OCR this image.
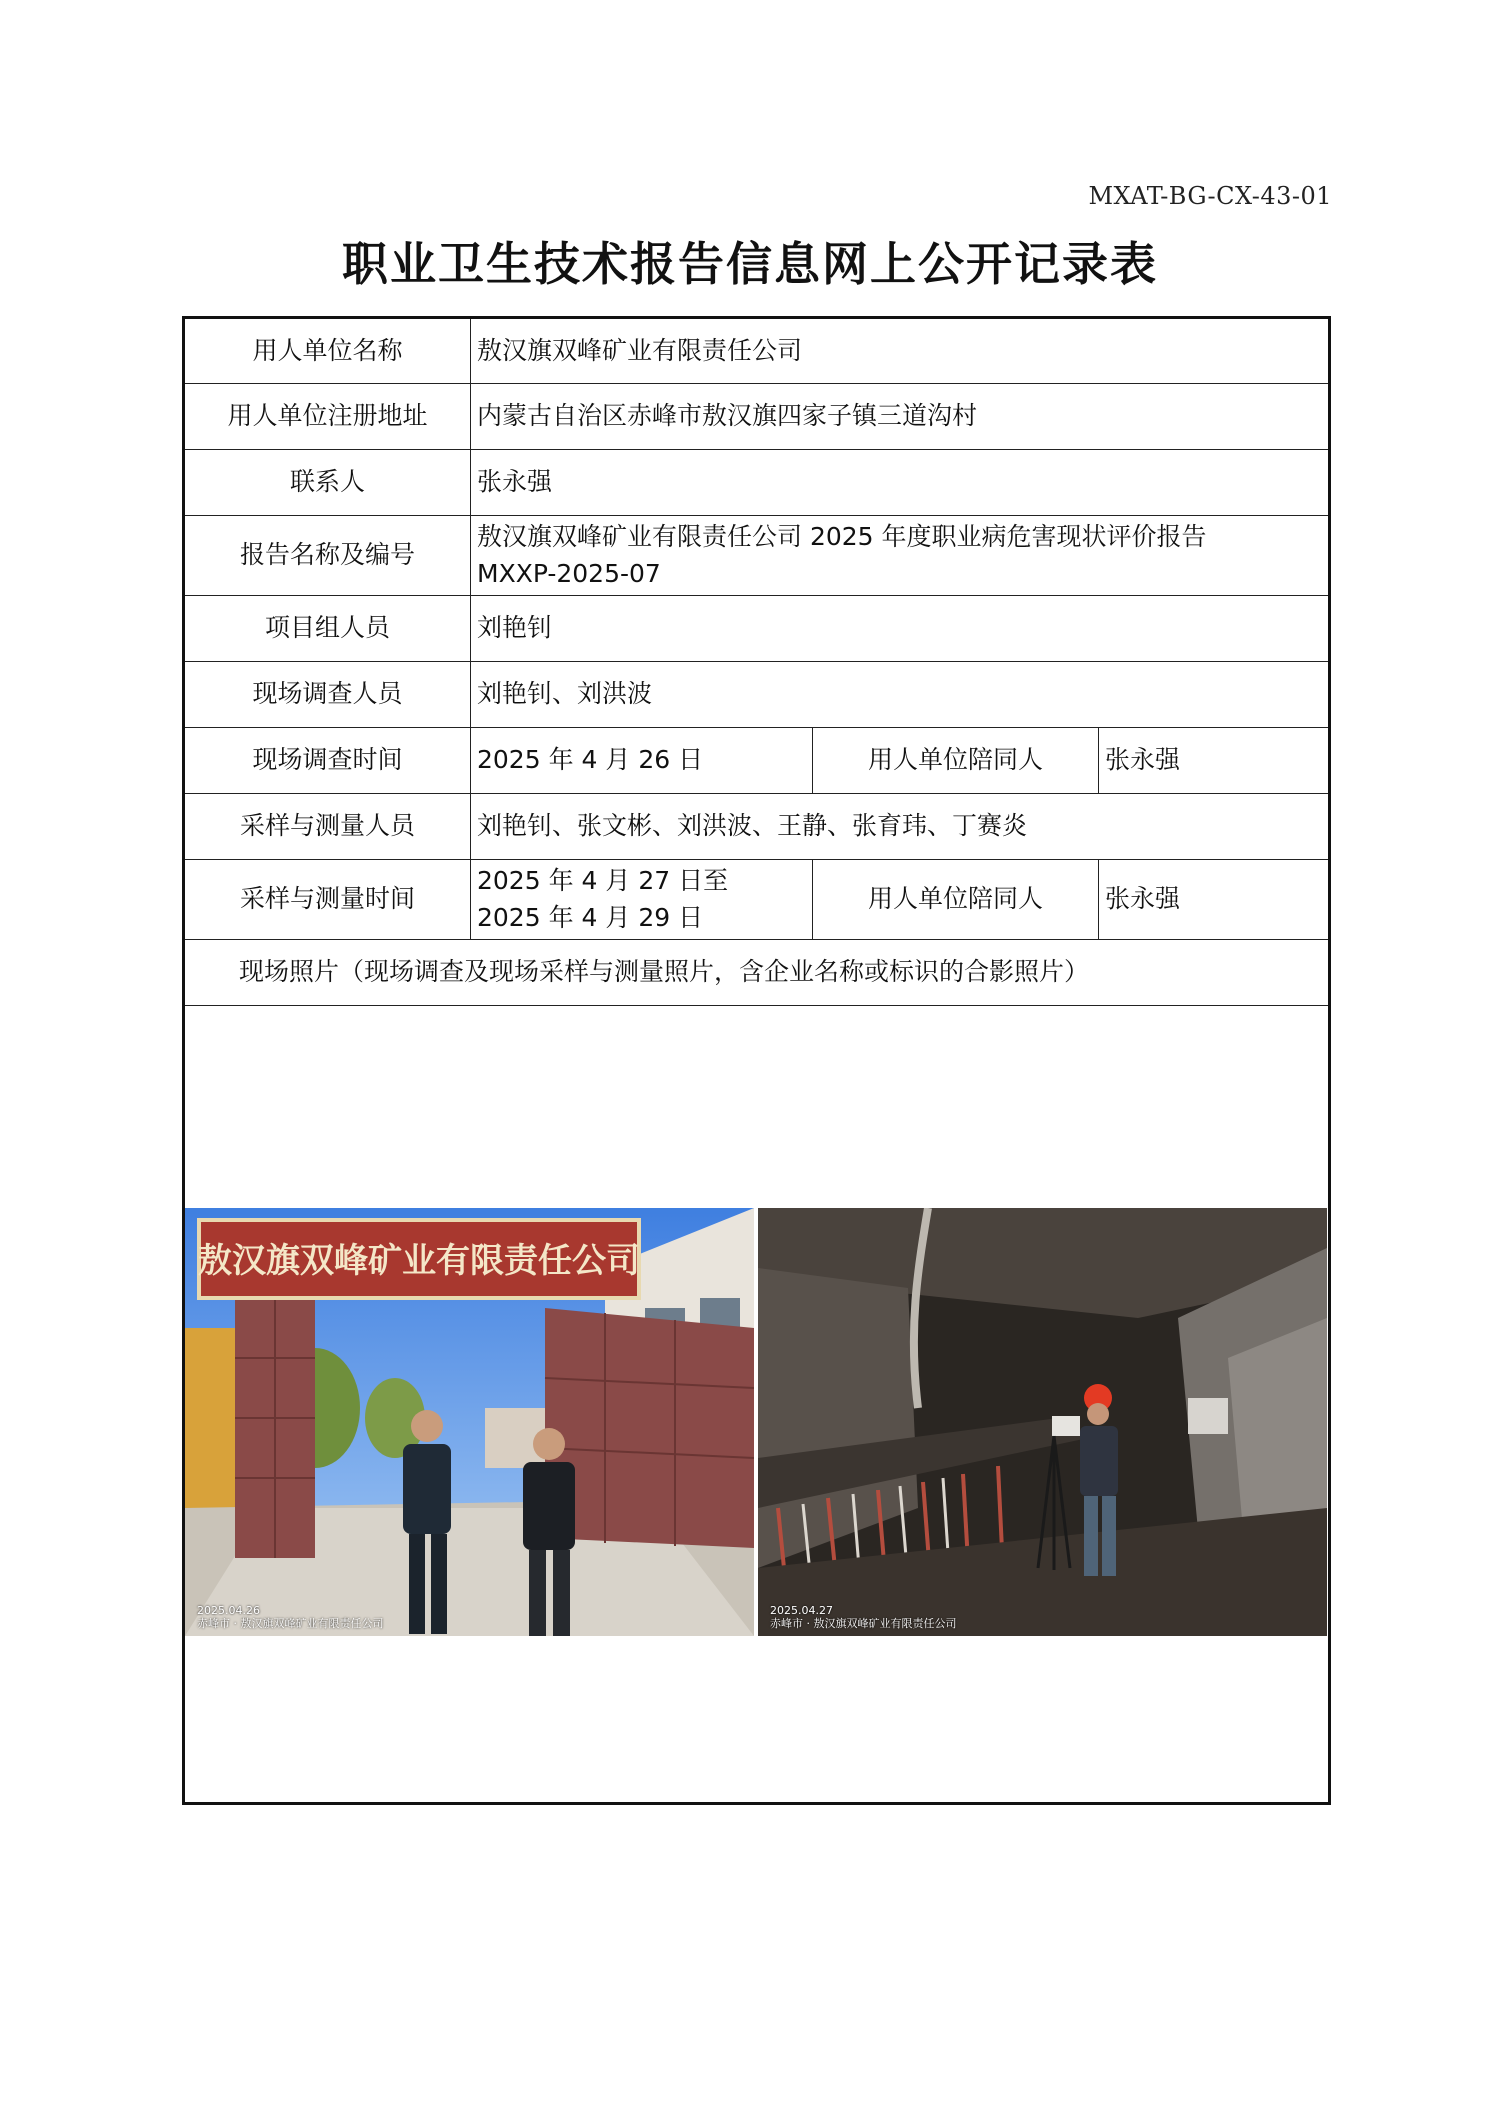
MXAT-BG-CX-43-01
职业卫生技术报告信息网上公开记录表
用人单位名称	敖汉旗双峰矿业有限责任公司		
用人单位注册地址	内蒙古自治区赤峰市敖汉旗四家子镇三道沟村		
联系人	张永强		
报告名称及编号	敖汉旗双峰矿业有限责任公司 2025 年度职业病危害现状评价报告
MXXP-2025-07		

项目组人员	刘艳钊		
现场调查人员	刘艳钊、刘洪波		
现场调查时间	2025 年 4 月 26 日	用人单位陪同人	张永强
采样与测量人员	刘艳钊、张文彬、刘洪波、王静、张育玮、丁赛炎		
采样与测量时间	2025 年 4 月 27 日至
2025 年 4 月 29 日	用人单位陪同人	张永强
现场照片（现场调查及现场采样与测量照片，含企业名称或标识的合影照片）			

敖汉旗双峰矿业有限责任公司
2025.04.26
赤峰市 · 敖汉旗双峰矿业有限责任公司
2025.04.27
赤峰市 · 敖汉旗双峰矿业有限责任公司			
